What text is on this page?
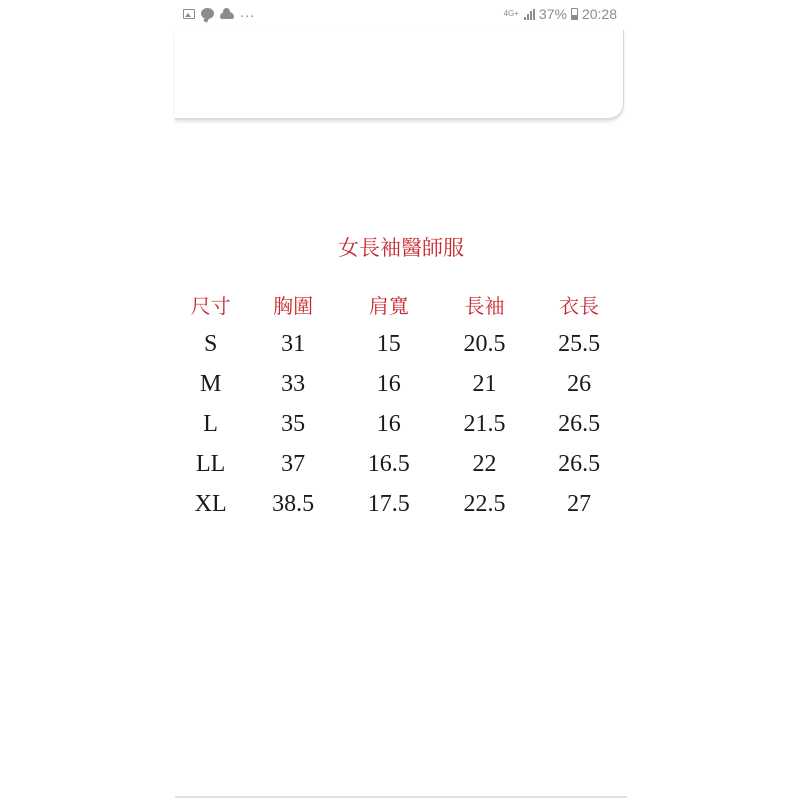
...	4G+ 37% 20:28
女長袖醫師服
尺寸	胸圍	肩寬	長袖	衣長
S	31	15	20.5	25.5
M	33	16	21	26
L	35	16	21.5	26.5
LL	37	16.5	22	26.5
XL	38.5	17.5	22.5	27
